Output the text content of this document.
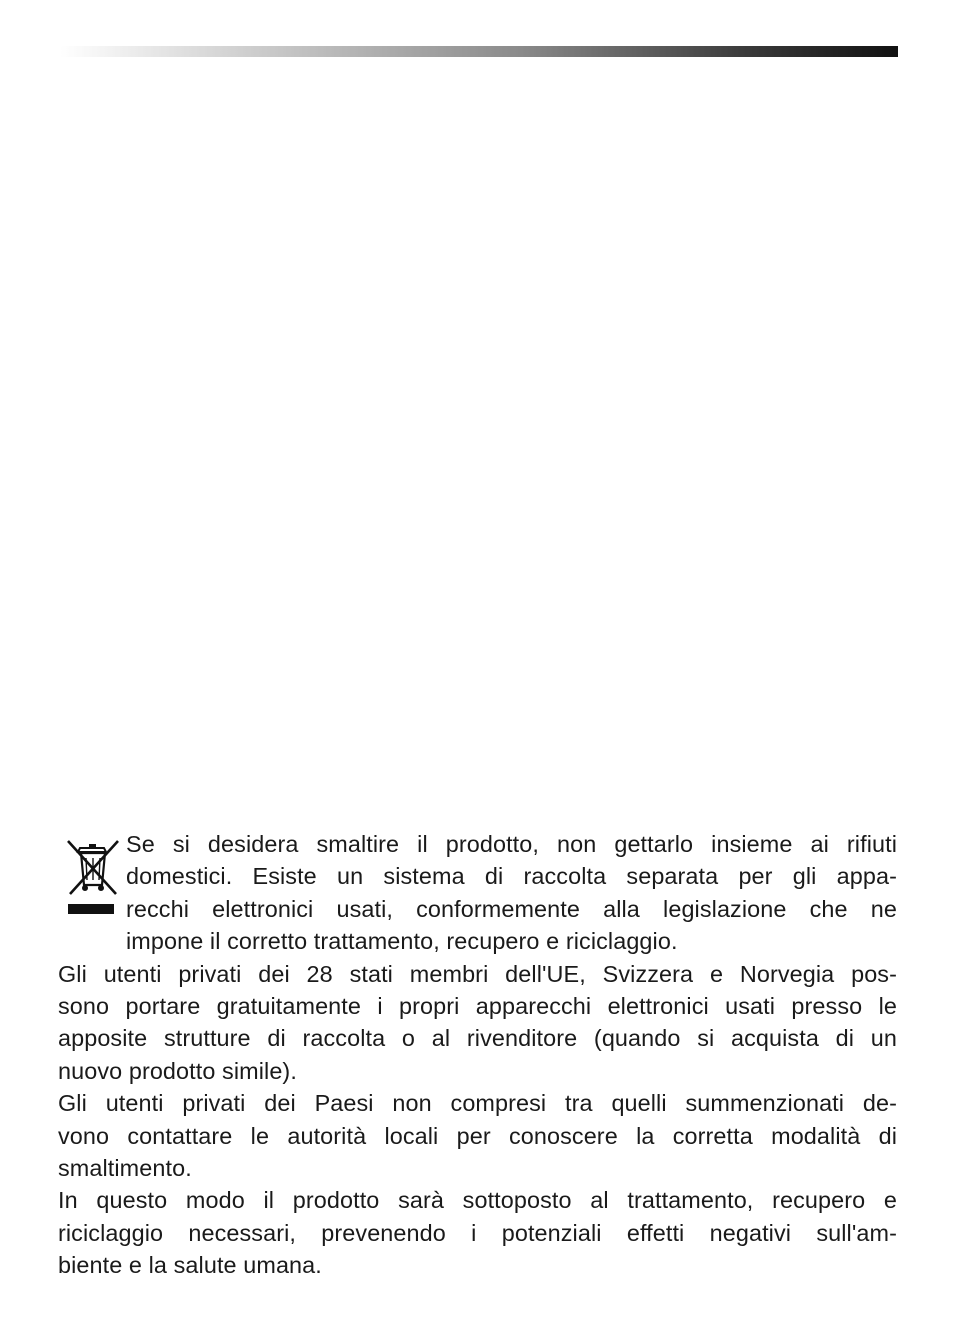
Se si desidera smaltire il prodotto, non gettarlo insieme ai rifiuti
domestici. Esiste un sistema di raccolta separata per gli appa-
recchi elettronici usati, conformemente alla legislazione che ne
impone il corretto trattamento, recupero e riciclaggio.
Gli utenti privati dei 28 stati membri dell'UE, Svizzera e Norvegia pos-
sono portare gratuitamente i propri apparecchi elettronici usati presso le
apposite strutture di raccolta o al rivenditore (quando si acquista di un
nuovo prodotto simile).
Gli utenti privati dei Paesi non compresi tra quelli summenzionati de-
vono contattare le autorità locali per conoscere la corretta modalità di
smaltimento.
In questo modo il prodotto sarà sottoposto al trattamento, recupero e
riciclaggio necessari, prevenendo i potenziali effetti negativi sull'am-
biente e la salute umana.
